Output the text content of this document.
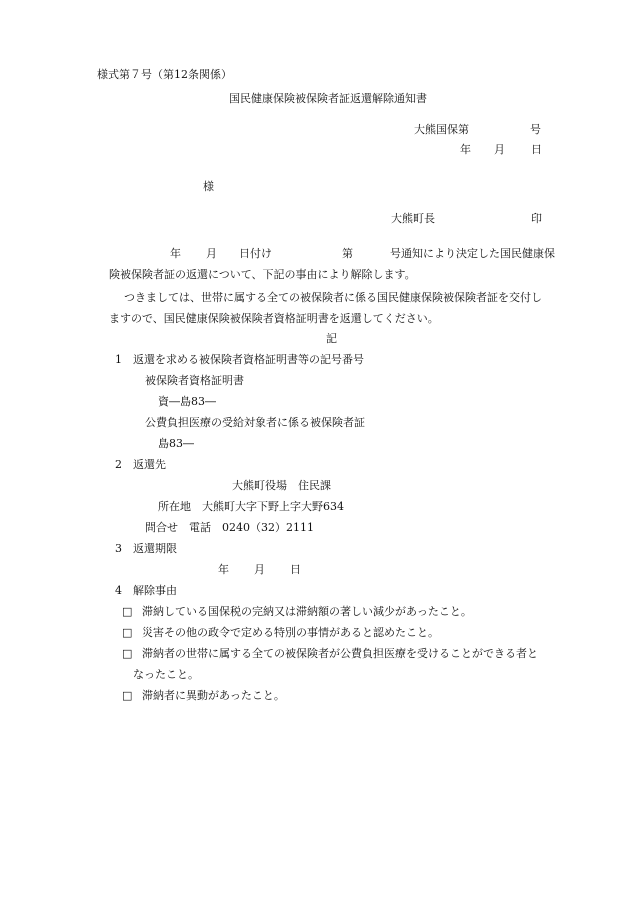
様式第７号（第12条関係）
国民健康保険被保険者証返還解除通知書
大熊国保第	号
年 月 日
様
大熊町長	印
年 月 日付け	第	号通知により決定した国民健康保
険被保険者証の返還について、下記の事由により解除します。
つきましては、世帯に属する全ての被保険者に係る国民健康保険被保険者証を交付し
ますので、国民健康保険被保険者資格証明書を返還してください。
記
1 返還を求める被保険者資格証明書等の記号番号
被保険者資格証明書
資―島83―
公費負担医療の受給対象者に係る被保険者証
島83―
2 返還先
大熊町役場　住民課
所在地　大熊町大字下野上字大野634
問合せ　電話　0240（32）2111
3 返還期限
年 月 日
4 解除事由
□ 滞納している国保税の完納又は滞納額の著しい減少があったこと。
□ 災害その他の政令で定める特別の事情があると認めたこと。
□ 滞納者の世帯に属する全ての被保険者が公費負担医療を受けることができる者と
なったこと。
□ 滞納者に異動があったこと。
